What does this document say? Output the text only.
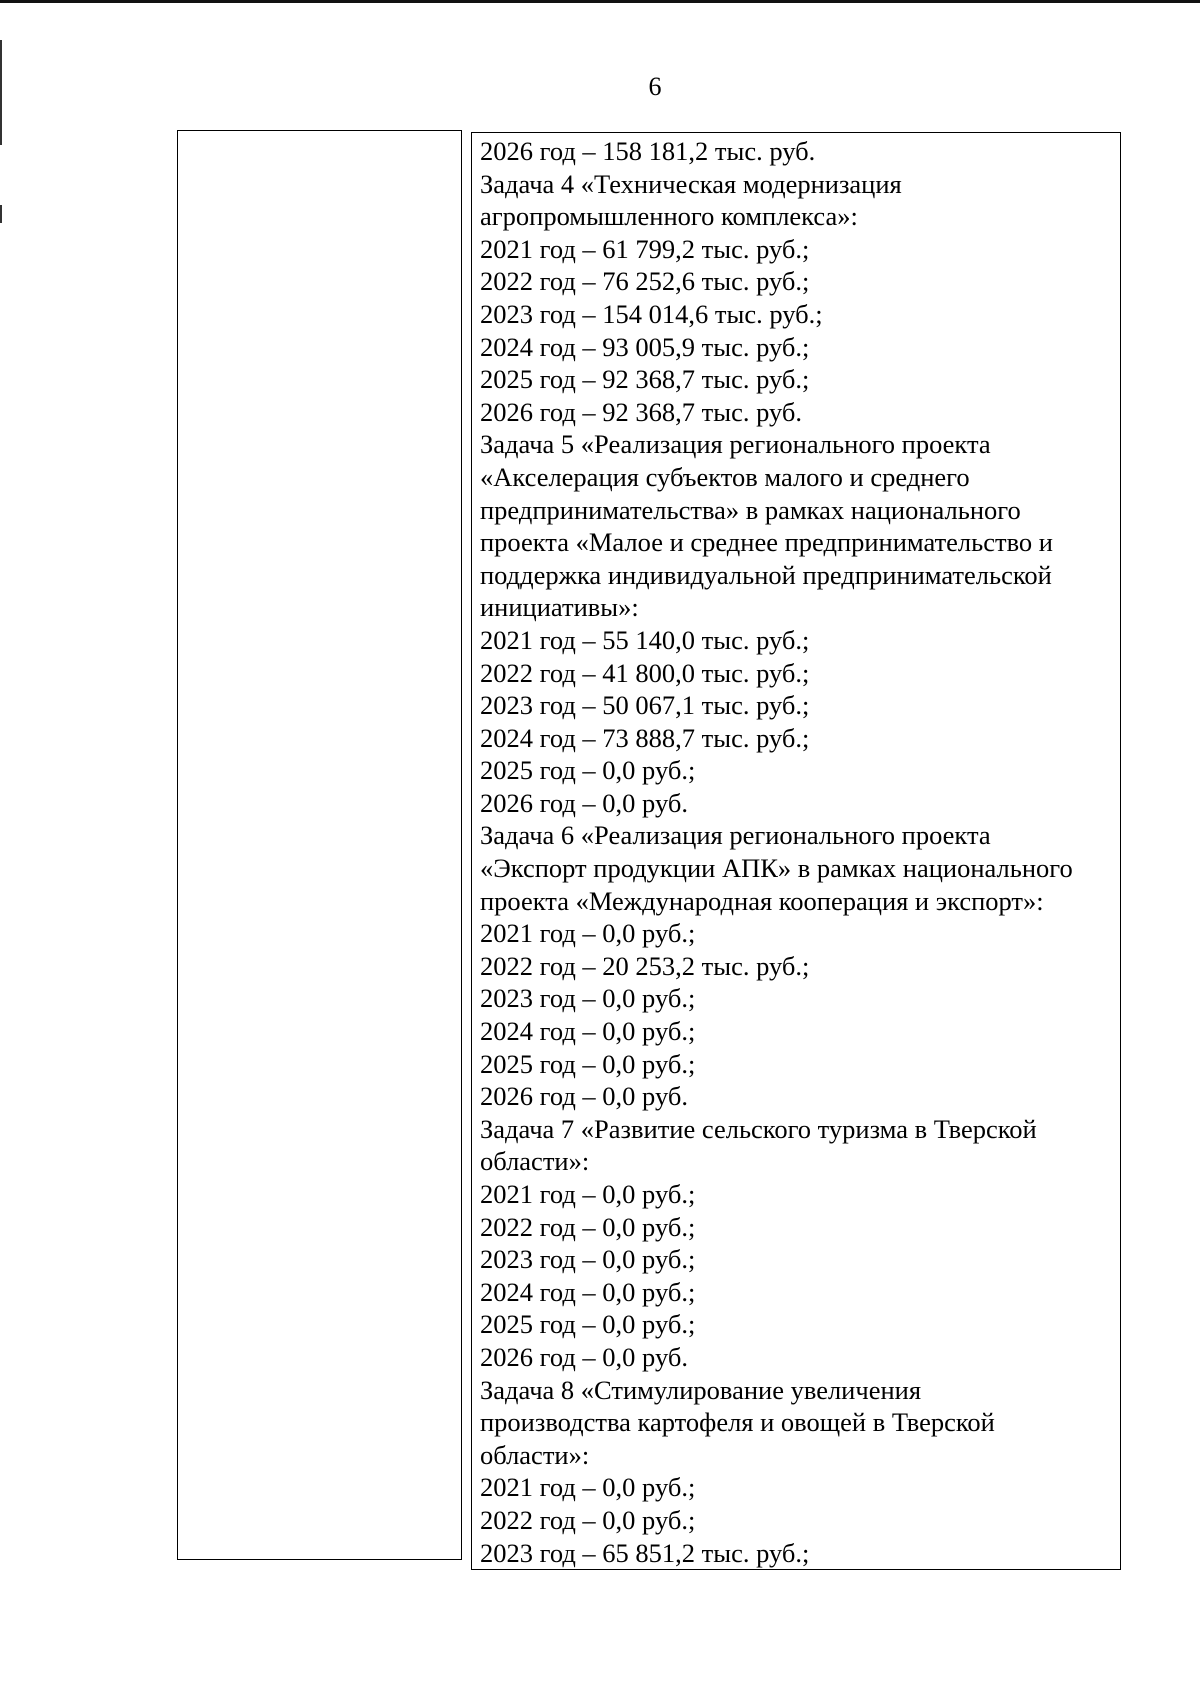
6
2026 год – 158 181,2 тыс. руб.
Задача 4 «Техническая модернизация
агропромышленного комплекса»:
2021 год – 61 799,2 тыс. руб.;
2022 год – 76 252,6 тыс. руб.;
2023 год – 154 014,6 тыс. руб.;
2024 год – 93 005,9 тыс. руб.;
2025 год – 92 368,7 тыс. руб.;
2026 год – 92 368,7 тыс. руб.
Задача 5 «Реализация регионального проекта
«Акселерация субъектов малого и среднего
предпринимательства» в рамках национального
проекта «Малое и среднее предпринимательство и
поддержка индивидуальной предпринимательской
инициативы»:
2021 год – 55 140,0 тыс. руб.;
2022 год – 41 800,0 тыс. руб.;
2023 год – 50 067,1 тыс. руб.;
2024 год – 73 888,7 тыс. руб.;
2025 год – 0,0 руб.;
2026 год – 0,0 руб.
Задача 6 «Реализация регионального проекта
«Экспорт продукции АПК» в рамках национального
проекта «Международная кооперация и экспорт»:
2021 год – 0,0 руб.;
2022 год – 20 253,2 тыс. руб.;
2023 год – 0,0 руб.;
2024 год – 0,0 руб.;
2025 год – 0,0 руб.;
2026 год – 0,0 руб.
Задача 7 «Развитие сельского туризма в Тверской
области»:
2021 год – 0,0 руб.;
2022 год – 0,0 руб.;
2023 год – 0,0 руб.;
2024 год – 0,0 руб.;
2025 год – 0,0 руб.;
2026 год – 0,0 руб.
Задача 8 «Стимулирование увеличения
производства картофеля и овощей в Тверской
области»:
2021 год – 0,0 руб.;
2022 год – 0,0 руб.;
2023 год – 65 851,2 тыс. руб.;
